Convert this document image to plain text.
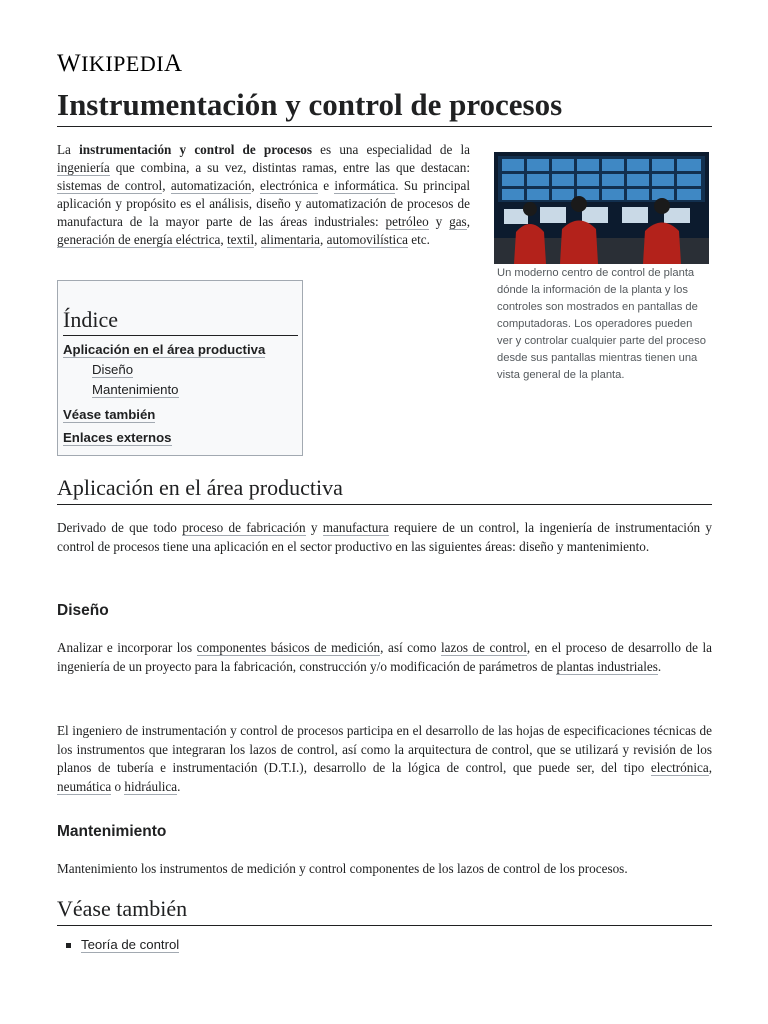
WIKIPEDIA
Instrumentación y control de procesos

La instrumentación y control de procesos es una especialidad de la ingeniería que combina, a su vez, distintas ramas, entre las que destacan: sistemas de control, automatización, electrónica e informática. Su principal aplicación y propósito es el análisis, diseño y automatización de procesos de manufactura de la mayor parte de las áreas industriales: petróleo y gas, generación de energía eléctrica, textil, alimentaria, automovilística etc.

Un moderno centro de control de planta dónde la información de la planta y los controles son mostrados en pantallas de computadoras. Los operadores pueden ver y controlar cualquier parte del proceso desde sus pantallas mientras tienen una vista general de la planta.

Índice
Aplicación en el área productiva
Diseño
Mantenimiento
Véase también
Enlaces externos
Aplicación en el área productiva

Derivado de que todo proceso de fabricación y manufactura requiere de un control, la ingeniería de instrumentación y control de procesos tiene una aplicación en el sector productivo en las siguientes áreas: diseño y mantenimiento.

Diseño

Analizar e incorporar los componentes básicos de medición, así como lazos de control, en el proceso de desarrollo de la ingeniería de un proyecto para la fabricación, construcción y/o modificación de parámetros de plantas industriales.

El ingeniero de instrumentación y control de procesos participa en el desarrollo de las hojas de especificaciones técnicas de los instrumentos que integraran los lazos de control, así como la arquitectura de control, que se utilizará y revisión de los planos de tubería e instrumentación (D.T.I.), desarrollo de la lógica de control, que puede ser, del tipo electrónica, neumática o hidráulica.

Mantenimiento

Mantenimiento los instrumentos de medición y control componentes de los lazos de control de los procesos.

Véase también
Teoría de control
